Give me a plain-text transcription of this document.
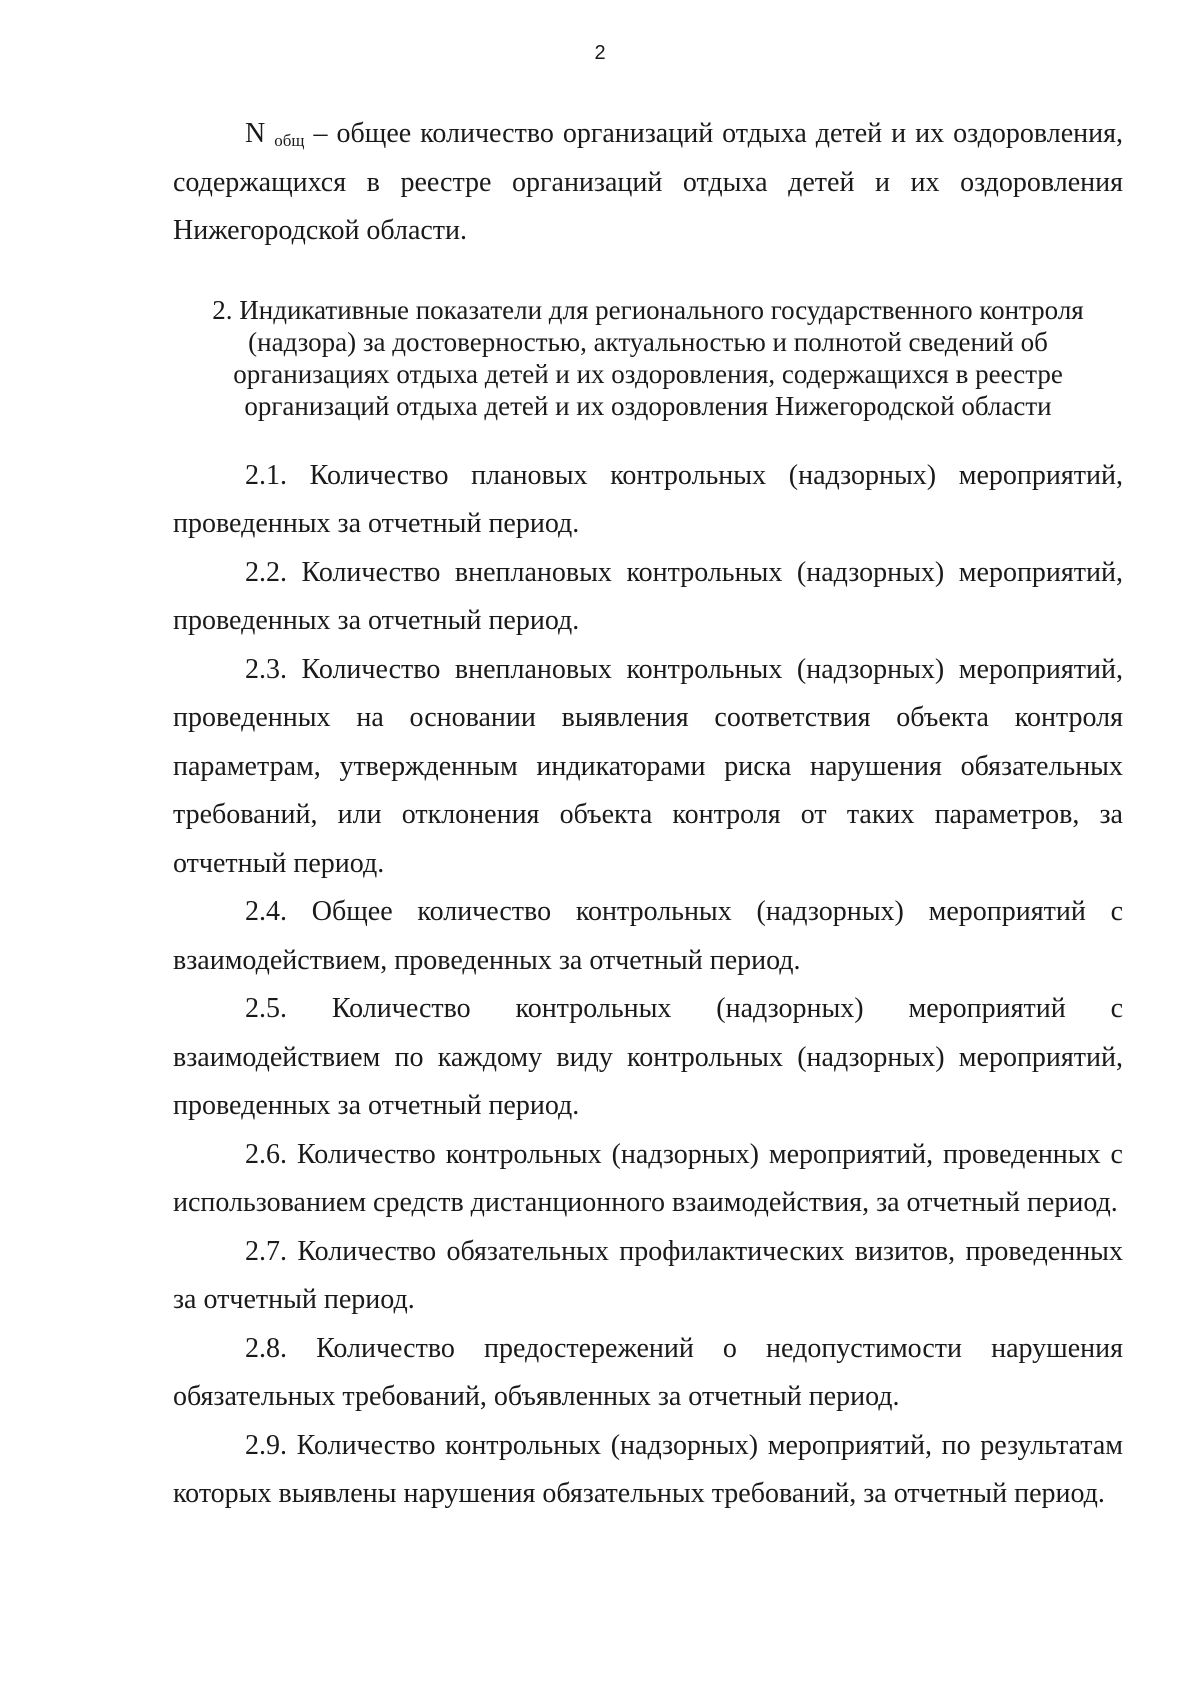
2

N $_{общ}$ – общее количество организаций отдыха детей и их оздоровления, содержащихся в реестре организаций отдыха детей и их оздоровления Нижегородской области.

2. Индикативные показатели для регионального государственного контроля (надзора) за достоверностью, актуальностью и полнотой сведений об организациях отдыха детей и их оздоровления, содержащихся в реестре организаций отдыха детей и их оздоровления Нижегородской области

2.1. Количество плановых контрольных (надзорных) мероприятий, проведенных за отчетный период.

2.2. Количество внеплановых контрольных (надзорных) мероприятий, проведенных за отчетный период.

2.3. Количество внеплановых контрольных (надзорных) мероприятий, проведенных на основании выявления соответствия объекта контроля параметрам, утвержденным индикаторами риска нарушения обязательных требований, или отклонения объекта контроля от таких параметров, за отчетный период.

2.4. Общее количество контрольных (надзорных) мероприятий с взаимодействием, проведенных за отчетный период.

2.5. Количество контрольных (надзорных) мероприятий с взаимодействием по каждому виду контрольных (надзорных) мероприятий, проведенных за отчетный период.

2.6. Количество контрольных (надзорных) мероприятий, проведенных с использованием средств дистанционного взаимодействия, за отчетный период.

2.7. Количество обязательных профилактических визитов, проведенных за отчетный период.

2.8. Количество предостережений о недопустимости нарушения обязательных требований, объявленных за отчетный период.

2.9. Количество контрольных (надзорных) мероприятий, по результатам которых выявлены нарушения обязательных требований, за отчетный период.
